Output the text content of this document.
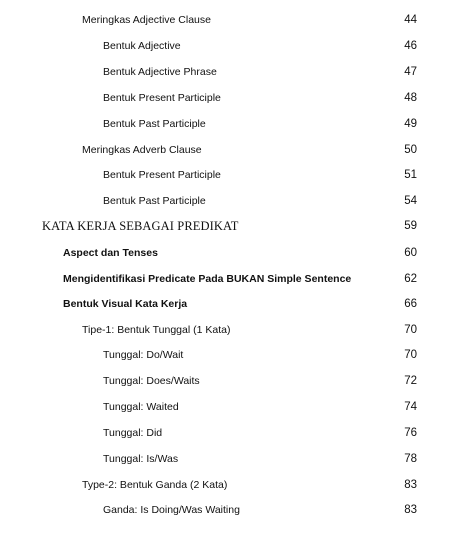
Meringkas Adjective Clause	44
Bentuk Adjective	46
Bentuk Adjective Phrase	47
Bentuk Present Participle	48
Bentuk Past Participle	49
Meringkas Adverb Clause	50
Bentuk Present Participle	51
Bentuk Past Participle	54
KATA KERJA SEBAGAI PREDIKAT	59
Aspect dan Tenses	60
Mengidentifikasi Predicate Pada BUKAN Simple Sentence	62
Bentuk Visual Kata Kerja	66
Tipe-1: Bentuk Tunggal (1 Kata)	70
Tunggal: Do/Wait	70
Tunggal: Does/Waits	72
Tunggal: Waited	74
Tunggal: Did	76
Tunggal: Is/Was	78
Type-2: Bentuk Ganda (2 Kata)	83
Ganda: Is Doing/Was Waiting	83
